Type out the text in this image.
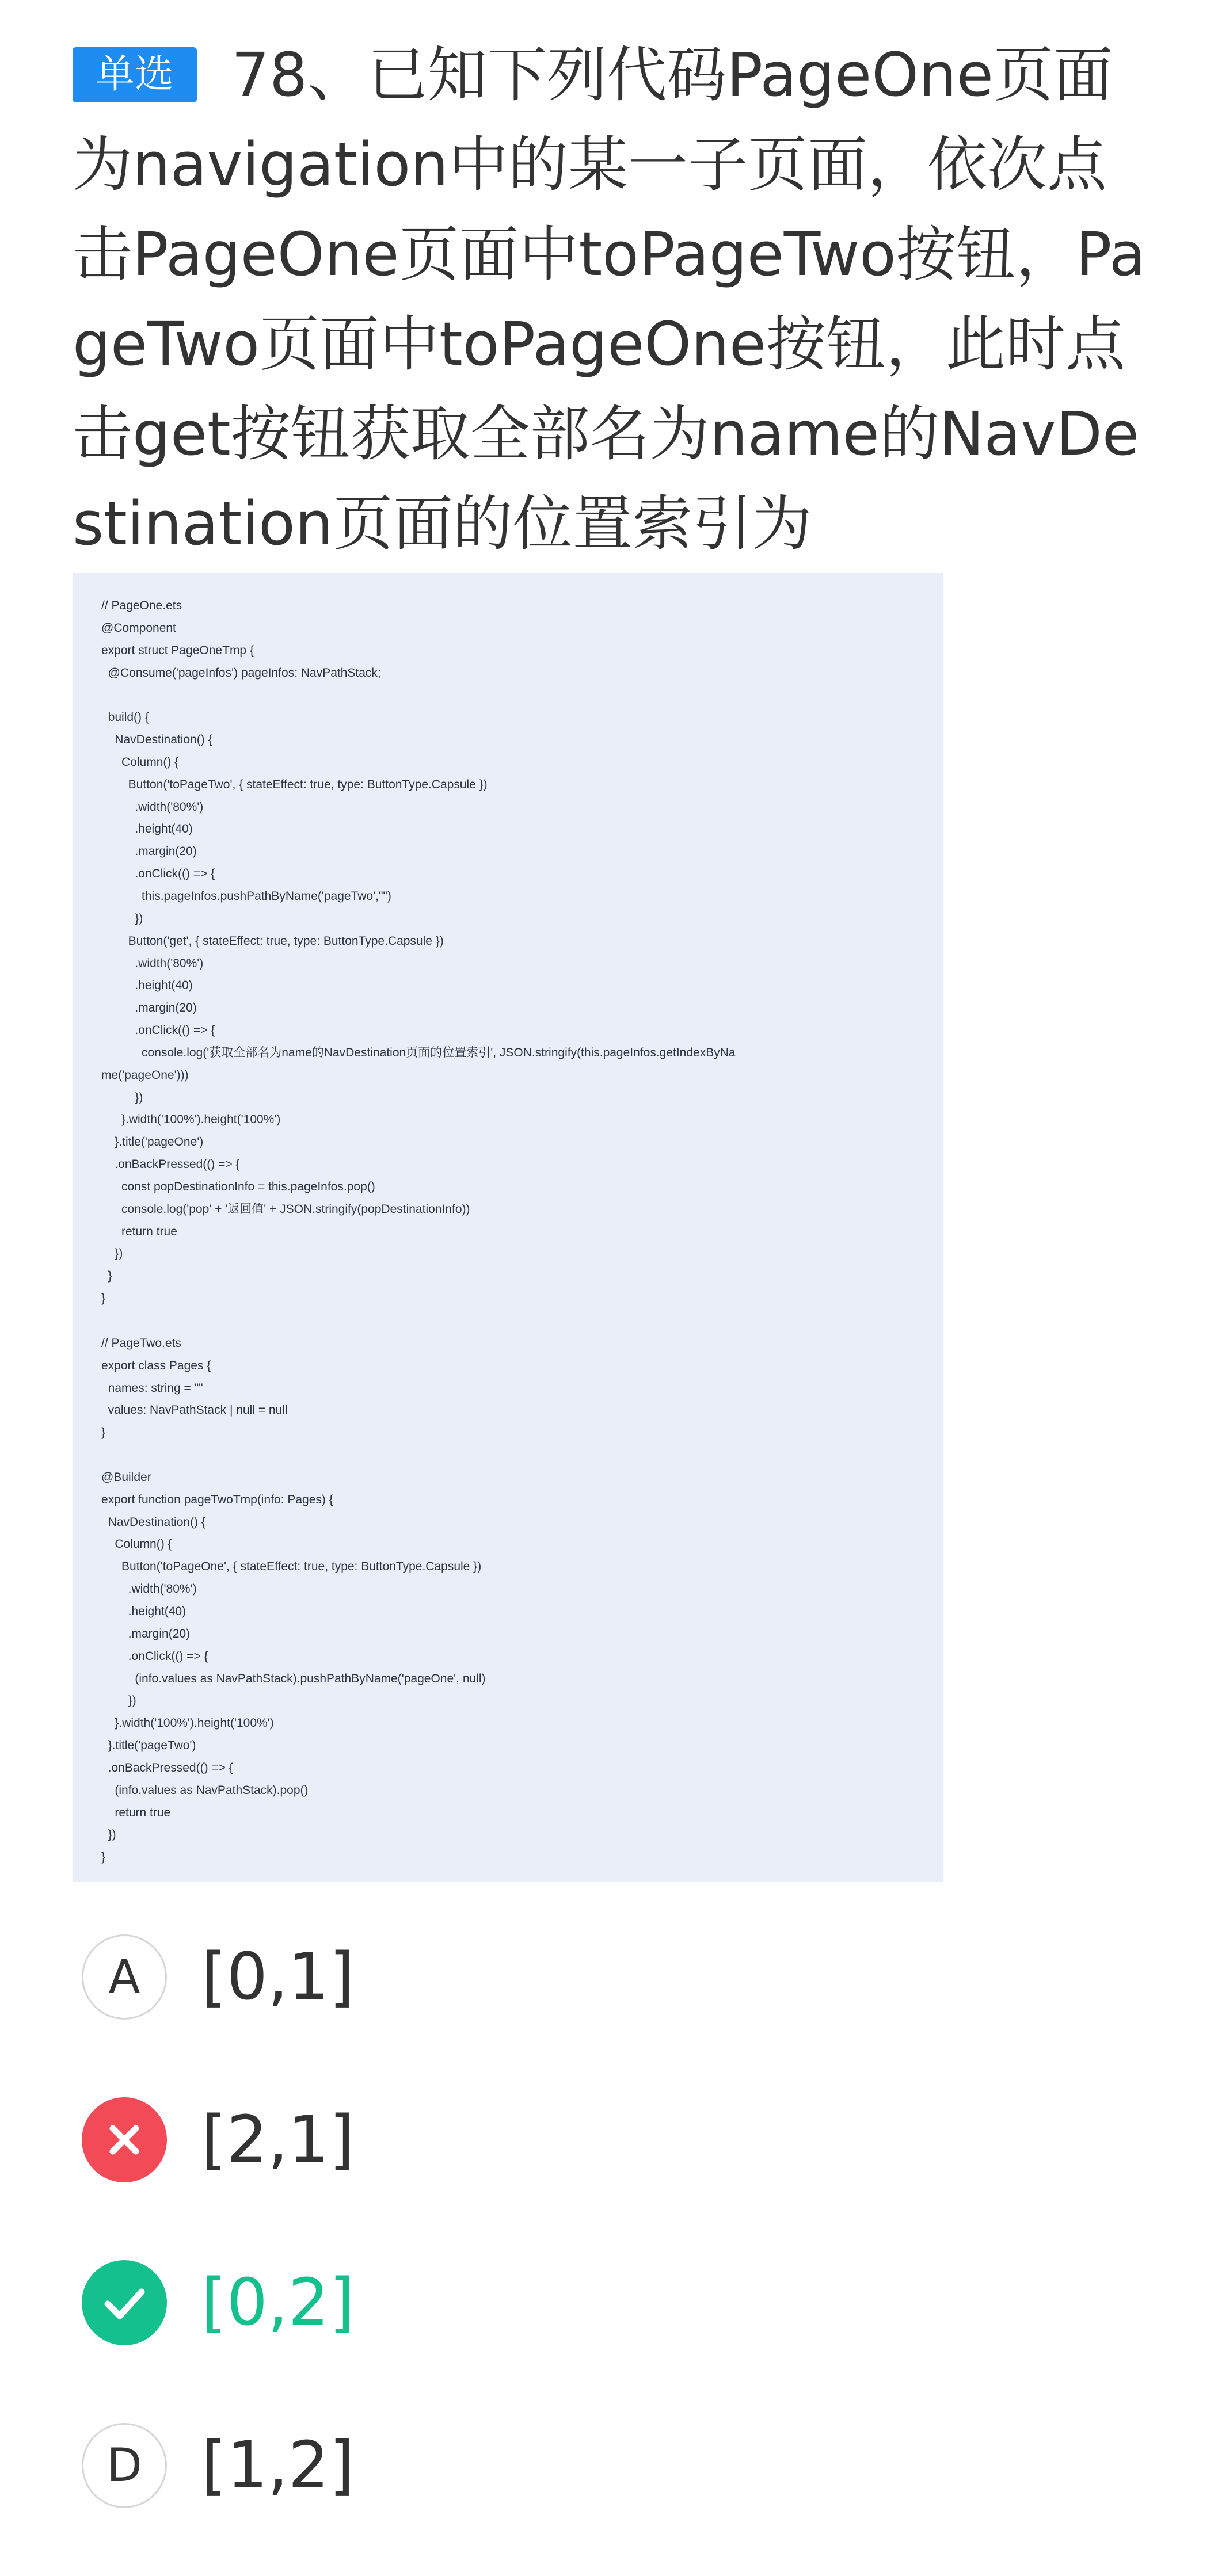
单选 78、已知下列代码PageOne页面为navigation中的某一子页面，依次点击PageOne页面中toPageTwo按钮，PageTwo页面中toPageOne按钮，此时点击get按钮获取全部名为name的NavDestination页面的位置索引为
// PageOne.ets
@Component
export struct PageOneTmp {
@Consume('pageInfos') pageInfos: NavPathStack;

build() {
NavDestination() {
Column() {
Button('toPageTwo', { stateEffect: true, type: ButtonType.Capsule })
.width('80%')
.height(40)
.margin(20)
.onClick(() => {
this.pageInfos.pushPathByName('pageTwo',"")
})
Button('get', { stateEffect: true, type: ButtonType.Capsule })
.width('80%')
.height(40)
.margin(20)
.onClick(() => {
console.log('获取全部名为name的NavDestination页面的位置索引', JSON.stringify(this.pageInfos.getIndexByNa
me('pageOne')))
})
}.width('100%').height('100%')
}.title('pageOne')
.onBackPressed(() => {
const popDestinationInfo = this.pageInfos.pop()
console.log('pop' + '返回值' + JSON.stringify(popDestinationInfo))
return true
})
}
}

// PageTwo.ets
export class Pages {
names: string = ""
values: NavPathStack | null = null
}

@Builder
export function pageTwoTmp(info: Pages) {
NavDestination() {
Column() {
Button('toPageOne', { stateEffect: true, type: ButtonType.Capsule })
.width('80%')
.height(40)
.margin(20)
.onClick(() => {
(info.values as NavPathStack).pushPathByName('pageOne', null)
})
}.width('100%').height('100%')
}.title('pageTwo')
.onBackPressed(() => {
(info.values as NavPathStack).pop()
return true
})
}
A [0,1]
[2,1]
[0,2]
D [1,2]
